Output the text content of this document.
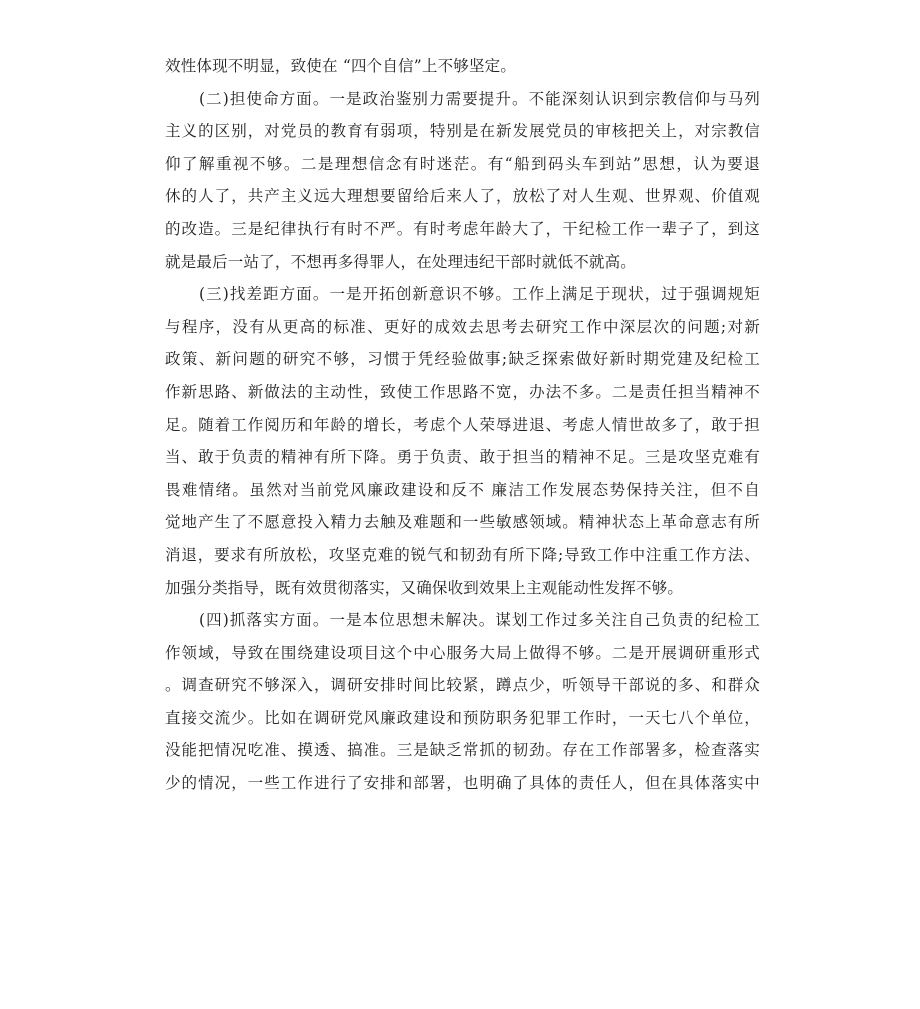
效性体现不明显，致使在 “四个自信”上不够坚定。
(二)担使命方面。一是政治鉴别力需要提升。不能深刻认识到宗教信仰与马列
主义的区别，对党员的教育有弱项，特别是在新发展党员的审核把关上，对宗教信
仰了解重视不够。二是理想信念有时迷茫。有“船到码头车到站”思想，认为要退
休的人了，共产主义远大理想要留给后来人了，放松了对人生观、世界观、价值观
的改造。三是纪律执行有时不严。有时考虑年龄大了，干纪检工作一辈子了，到这
就是最后一站了，不想再多得罪人，在处理违纪干部时就低不就高。
(三)找差距方面。一是开拓创新意识不够。工作上满足于现状，过于强调规矩
与程序，没有从更高的标准、更好的成效去思考去研究工作中深层次的问题;对新
政策、新问题的研究不够，习惯于凭经验做事;缺乏探索做好新时期党建及纪检工
作新思路、新做法的主动性，致使工作思路不宽，办法不多。二是责任担当精神不
足。随着工作阅历和年龄的增长，考虑个人荣辱进退、考虑人情世故多了，敢于担
当、敢于负责的精神有所下降。勇于负责、敢于担当的精神不足。三是攻坚克难有
畏难情绪。虽然对当前党风廉政建设和反不 廉洁工作发展态势保持关注，但不自
觉地产生了不愿意投入精力去触及难题和一些敏感领域。精神状态上革命意志有所
消退，要求有所放松，攻坚克难的锐气和韧劲有所下降;导致工作中注重工作方法、
加强分类指导，既有效贯彻落实，又确保收到效果上主观能动性发挥不够。
(四)抓落实方面。一是本位思想未解决。谋划工作过多关注自己负责的纪检工
作领域，导致在围绕建设项目这个中心服务大局上做得不够。二是开展调研重形式
。调查研究不够深入，调研安排时间比较紧，蹲点少，听领导干部说的多、和群众
直接交流少。比如在调研党风廉政建设和预防职务犯罪工作时，一天七八个单位，
没能把情况吃准、摸透、搞准。三是缺乏常抓的韧劲。存在工作部署多，检查落实
少的情况，一些工作进行了安排和部署，也明确了具体的责任人，但在具体落实中
